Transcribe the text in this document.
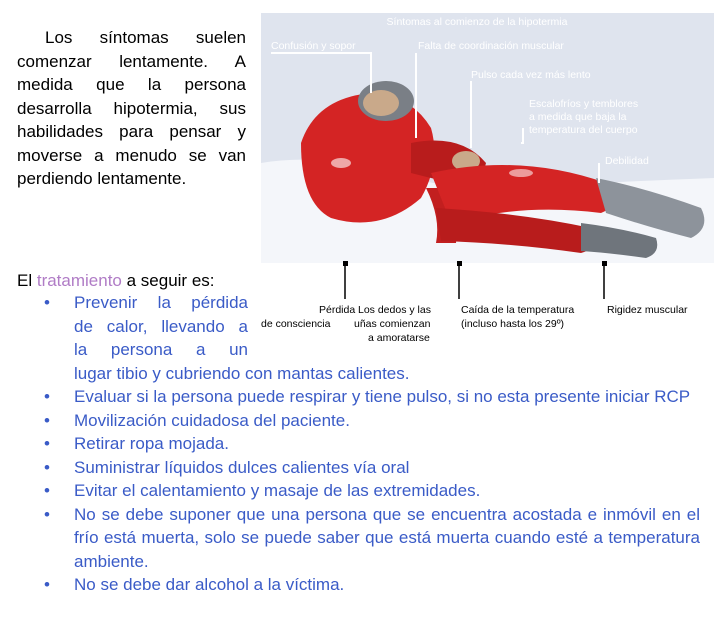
Los síntomas suelen comenzar lentamente. A medida que la persona desarrolla hipotermia, sus habilidades para pensar y moverse a menudo se van perdiendo lentamente.

Síntomas al comienzo de la hipotermia
Confusión y sopor	Falta de coordinación muscular
Pulso cada vez más lento
Escalofríos y temblores
a medida que baja la
temperatura del cuerpo
Debilidad
Pérdida
de consciencia
Los dedos y las
uñas comienzan
a amoratarse
Caída de la temperatura
(incluso hasta los 29º)
Rigidez muscular

El tratamiento a seguir es:

• Prevenir la pérdida
de calor, llevando a
la persona a un
lugar tibio y cubriendo con mantas calientes.
• Evaluar si la persona puede respirar y tiene pulso, si no esta presente iniciar RCP
• Movilización cuidadosa del paciente.
• Retirar ropa mojada.
• Suministrar líquidos dulces calientes vía oral
• Evitar el calentamiento y masaje de las extremidades.
• No se debe suponer que una persona que se encuentra acostada e inmóvil en el frío está muerta, solo se puede saber que está muerta cuando esté a temperatura ambiente.
• No se debe dar alcohol a la víctima.
